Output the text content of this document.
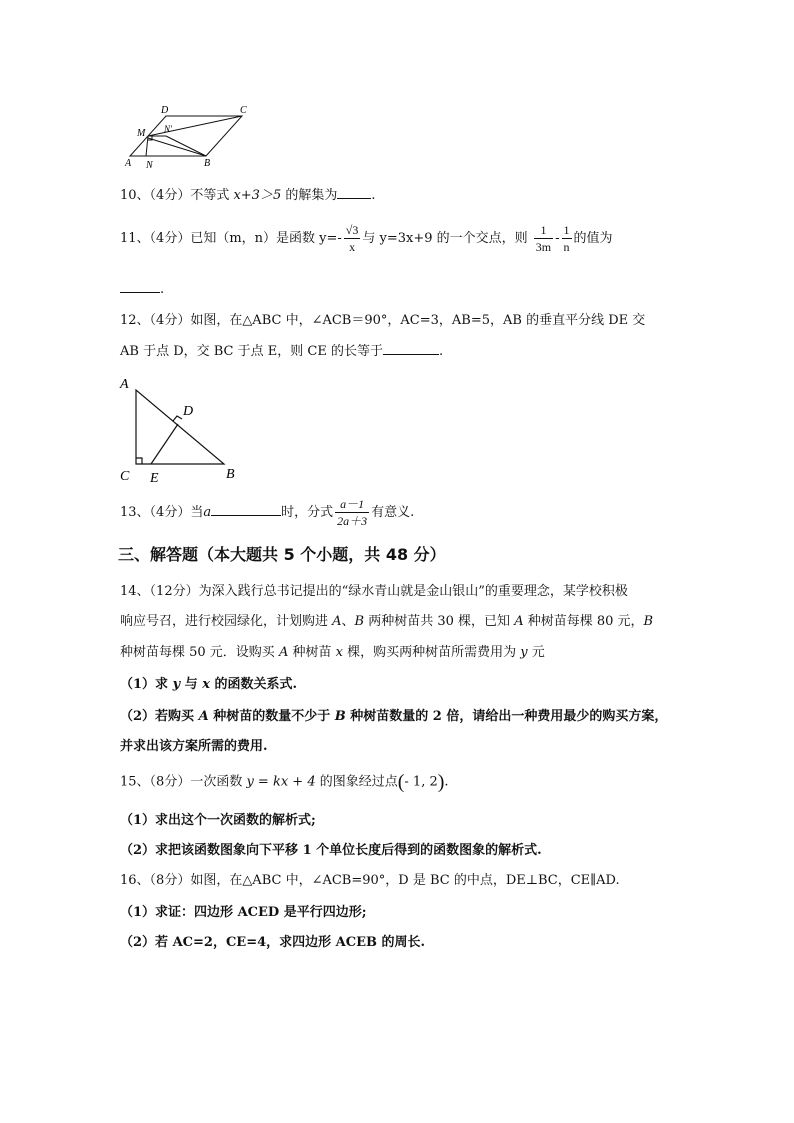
D	C
M N′
A N	B
10、（4分）不等式 x+3＞5 的解集为	.
11、（4分）已知（m，n）是函数 $y=- \frac{√3}{x}$ 与 y=3x+9 的一个交点，则 $\frac{1}{3m} - \frac{1}{n}$ 的值为
.
12、（4分）如图，在△ABC 中，∠ACB＝90°，AC=3，AB=5，AB 的垂直平分线 DE 交
AB 于点 D，交 BC 于点 E，则 CE 的长等于	.
A
D
C E	B
13、（4分）当a	时，分式 $\frac{a-1}{2a+3}$ 有意义.
三、解答题（本大题共 5 个小题，共 48 分）
14、（12分）为深入践行总书记提出的“绿水青山就是金山银山”的重要理念，某学校积极
响应号召，进行校园绿化，计划购进 A、B 两种树苗共 30 棵，已知 A 种树苗每棵 80 元，B
种树苗每棵 50 元．设购买 A 种树苗 x 棵，购买两种树苗所需费用为 y 元
（1）求 y 与 x 的函数关系式.
（2）若购买 A 种树苗的数量不少于 B 种树苗数量的 2 倍，请给出一种费用最少的购买方案，
并求出该方案所需的费用.
15、（8分）一次函数 y = kx + 4 的图象经过点(- 1, 2).
（1）求出这个一次函数的解析式;
（2）求把该函数图象向下平移 1 个单位长度后得到的函数图象的解析式.
16、（8分）如图，在△ABC 中，∠ACB=90°，D 是 BC 的中点，DE⊥BC，CE∥AD.
（1）求证：四边形 ACED 是平行四边形;
（2）若 AC=2，CE=4，求四边形 ACEB 的周长.
